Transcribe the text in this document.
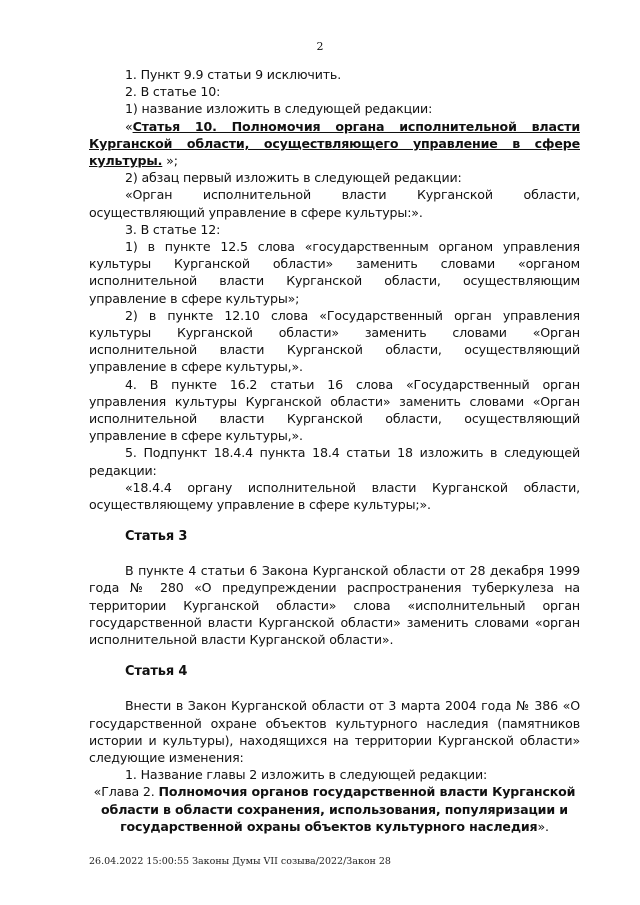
2

1. Пункт 9.9 статьи 9 исключить.

2. В статье 10:

1) название изложить в следующей редакции:

«Статья 10. Полномочия органа исполнительной власти Курганской области, осуществляющего управление в сфере культуры. »;

2) абзац первый изложить в следующей редакции:

«Орган исполнительной власти Курганской области, осуществляющий управление в сфере культуры:».

3. В статье 12:

1) в пункте 12.5 слова «государственным органом управления культуры Курганской области» заменить словами «органом исполнительной власти Курганской области, осуществляющим управление в сфере культуры»;

2) в пункте 12.10 слова «Государственный орган управления культуры Курганской области» заменить словами «Орган исполнительной власти Курганской области, осуществляющий управление в сфере культуры,».

4. В пункте 16.2 статьи 16 слова «Государственный орган управления культуры Курганской области» заменить словами «Орган исполнительной власти Курганской области, осуществляющий управление в сфере культуры,».

5. Подпункт 18.4.4 пункта 18.4 статьи 18 изложить в следующей редакции:

«18.4.4 органу исполнительной власти Курганской области, осуществляющему управление в сфере культуры;».

Статья 3

В пункте 4 статьи 6 Закона Курганской области от 28 декабря 1999 года № 280 «О предупреждении распространения туберкулеза на территории Курганской области» слова «исполнительный орган государственной власти Курганской области» заменить словами «орган исполнительной власти Курганской области».

Статья 4

Внести в Закон Курганской области от 3 марта 2004 года № 386 «О государственной охране объектов культурного наследия (памятников истории и культуры), находящихся на территории Курганской области» следующие изменения:

1. Название главы 2 изложить в следующей редакции:

«Глава 2. Полномочия органов государственной власти Курганской области в области сохранения, использования, популяризации и государственной охраны объектов культурного наследия».

26.04.2022 15:00:55 Законы Думы VII созыва/2022/Закон 28
